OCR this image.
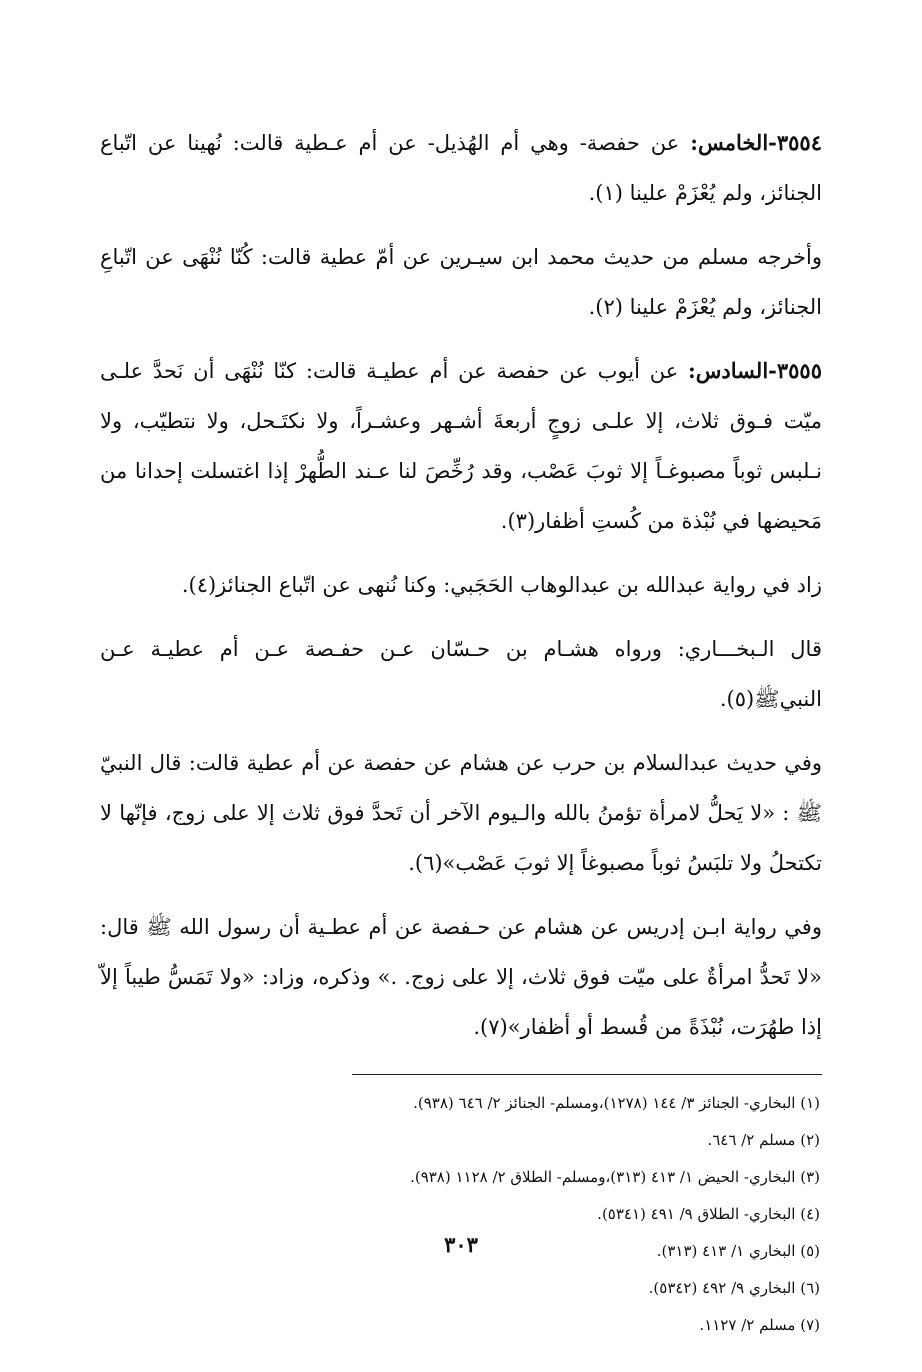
٣٥٥٤-الخامس: عن حفصة- وهي أم الهُذيل- عن أم عـطية قالت: نُهينا عن اتّباع الجنائز، ولم يُعْزَمْ علينا (١).

وأخرجه مسلم من حديث محمد ابن سيـرين عن أمّ عطية قالت: كُنّا نُنْهَى عن اتّباعِ الجنائز، ولم يُعْزَمْ علينا (٢).

٣٥٥٥-السادس: عن أيوب عن حفصة عن أم عطيـة قالت: كنّا نُنْهَى أن نَحدَّ علـى ميّت فـوق ثلاث، إلا علـى زوجٍ أربعةَ أشـهر وعشـراً، ولا نكتَـحل، ولا نتطيّب، ولا نـلبس ثوباً مصبوغـاً إلا ثوبَ عَصْب، وقد رُخِّصَ لنا عـند الطُّهرْ إذا اغتسلت إحدانا من مَحيضها في نُبْذة من كُستِ أظفار(٣).

زاد في رواية عبدالله بن عبدالوهاب الحَجَبي: وكنا نُنهى عن اتّباع الجنائز(٤).

قال الـبخـــاري: ورواه هشـام بن حـسّان عـن حفـصة عـن أم عطيـة عـن النبيﷺ(٥).

وفي حديث عبدالسلام بن حرب عن هشام عن حفصة عن أم عطية قالت: قال النبيّ ﷺ : «لا يَحلُّ لامرأة تؤمنُ بالله والـيوم الآخر أن تَحدَّ فوق ثلاث إلا على زوج، فإنّها لا تكتحلُ ولا تلبَسُ ثوباً مصبوغاً إلا ثوبَ عَصْب»(٦).

وفي رواية ابـن إدريس عن هشام عن حـفصة عن أم عطـية أن رسول الله ﷺ قال: «لا تَحدُّ امرأةٌ على ميّت فوق ثلاث، إلا على زوج. .» وذكره، وزاد: «ولا تَمَسُّ طيباً إلاّ إذا طهُرَت، نُبْذَةً من قُسط أو أظفار»(٧).

(١) البخاري- الجنائز ٣/ ١٤٤ (١٢٧٨)،ومسلم- الجنائز ٢/ ٦٤٦ (٩٣٨).

(٢) مسلم ٢/ ٦٤٦.

(٣) البخاري- الحيض ١/ ٤١٣ (٣١٣)،ومسلم- الطلاق ٢/ ١١٢٨ (٩٣٨).

(٤) البخاري- الطلاق ٩/ ٤٩١ (٥٣٤١).

(٥) البخاري ١/ ٤١٣ (٣١٣).

(٦) البخاري ٩/ ٤٩٢ (٥٣٤٢).

(٧) مسلم ٢/ ١١٢٧.

٣٠٣
